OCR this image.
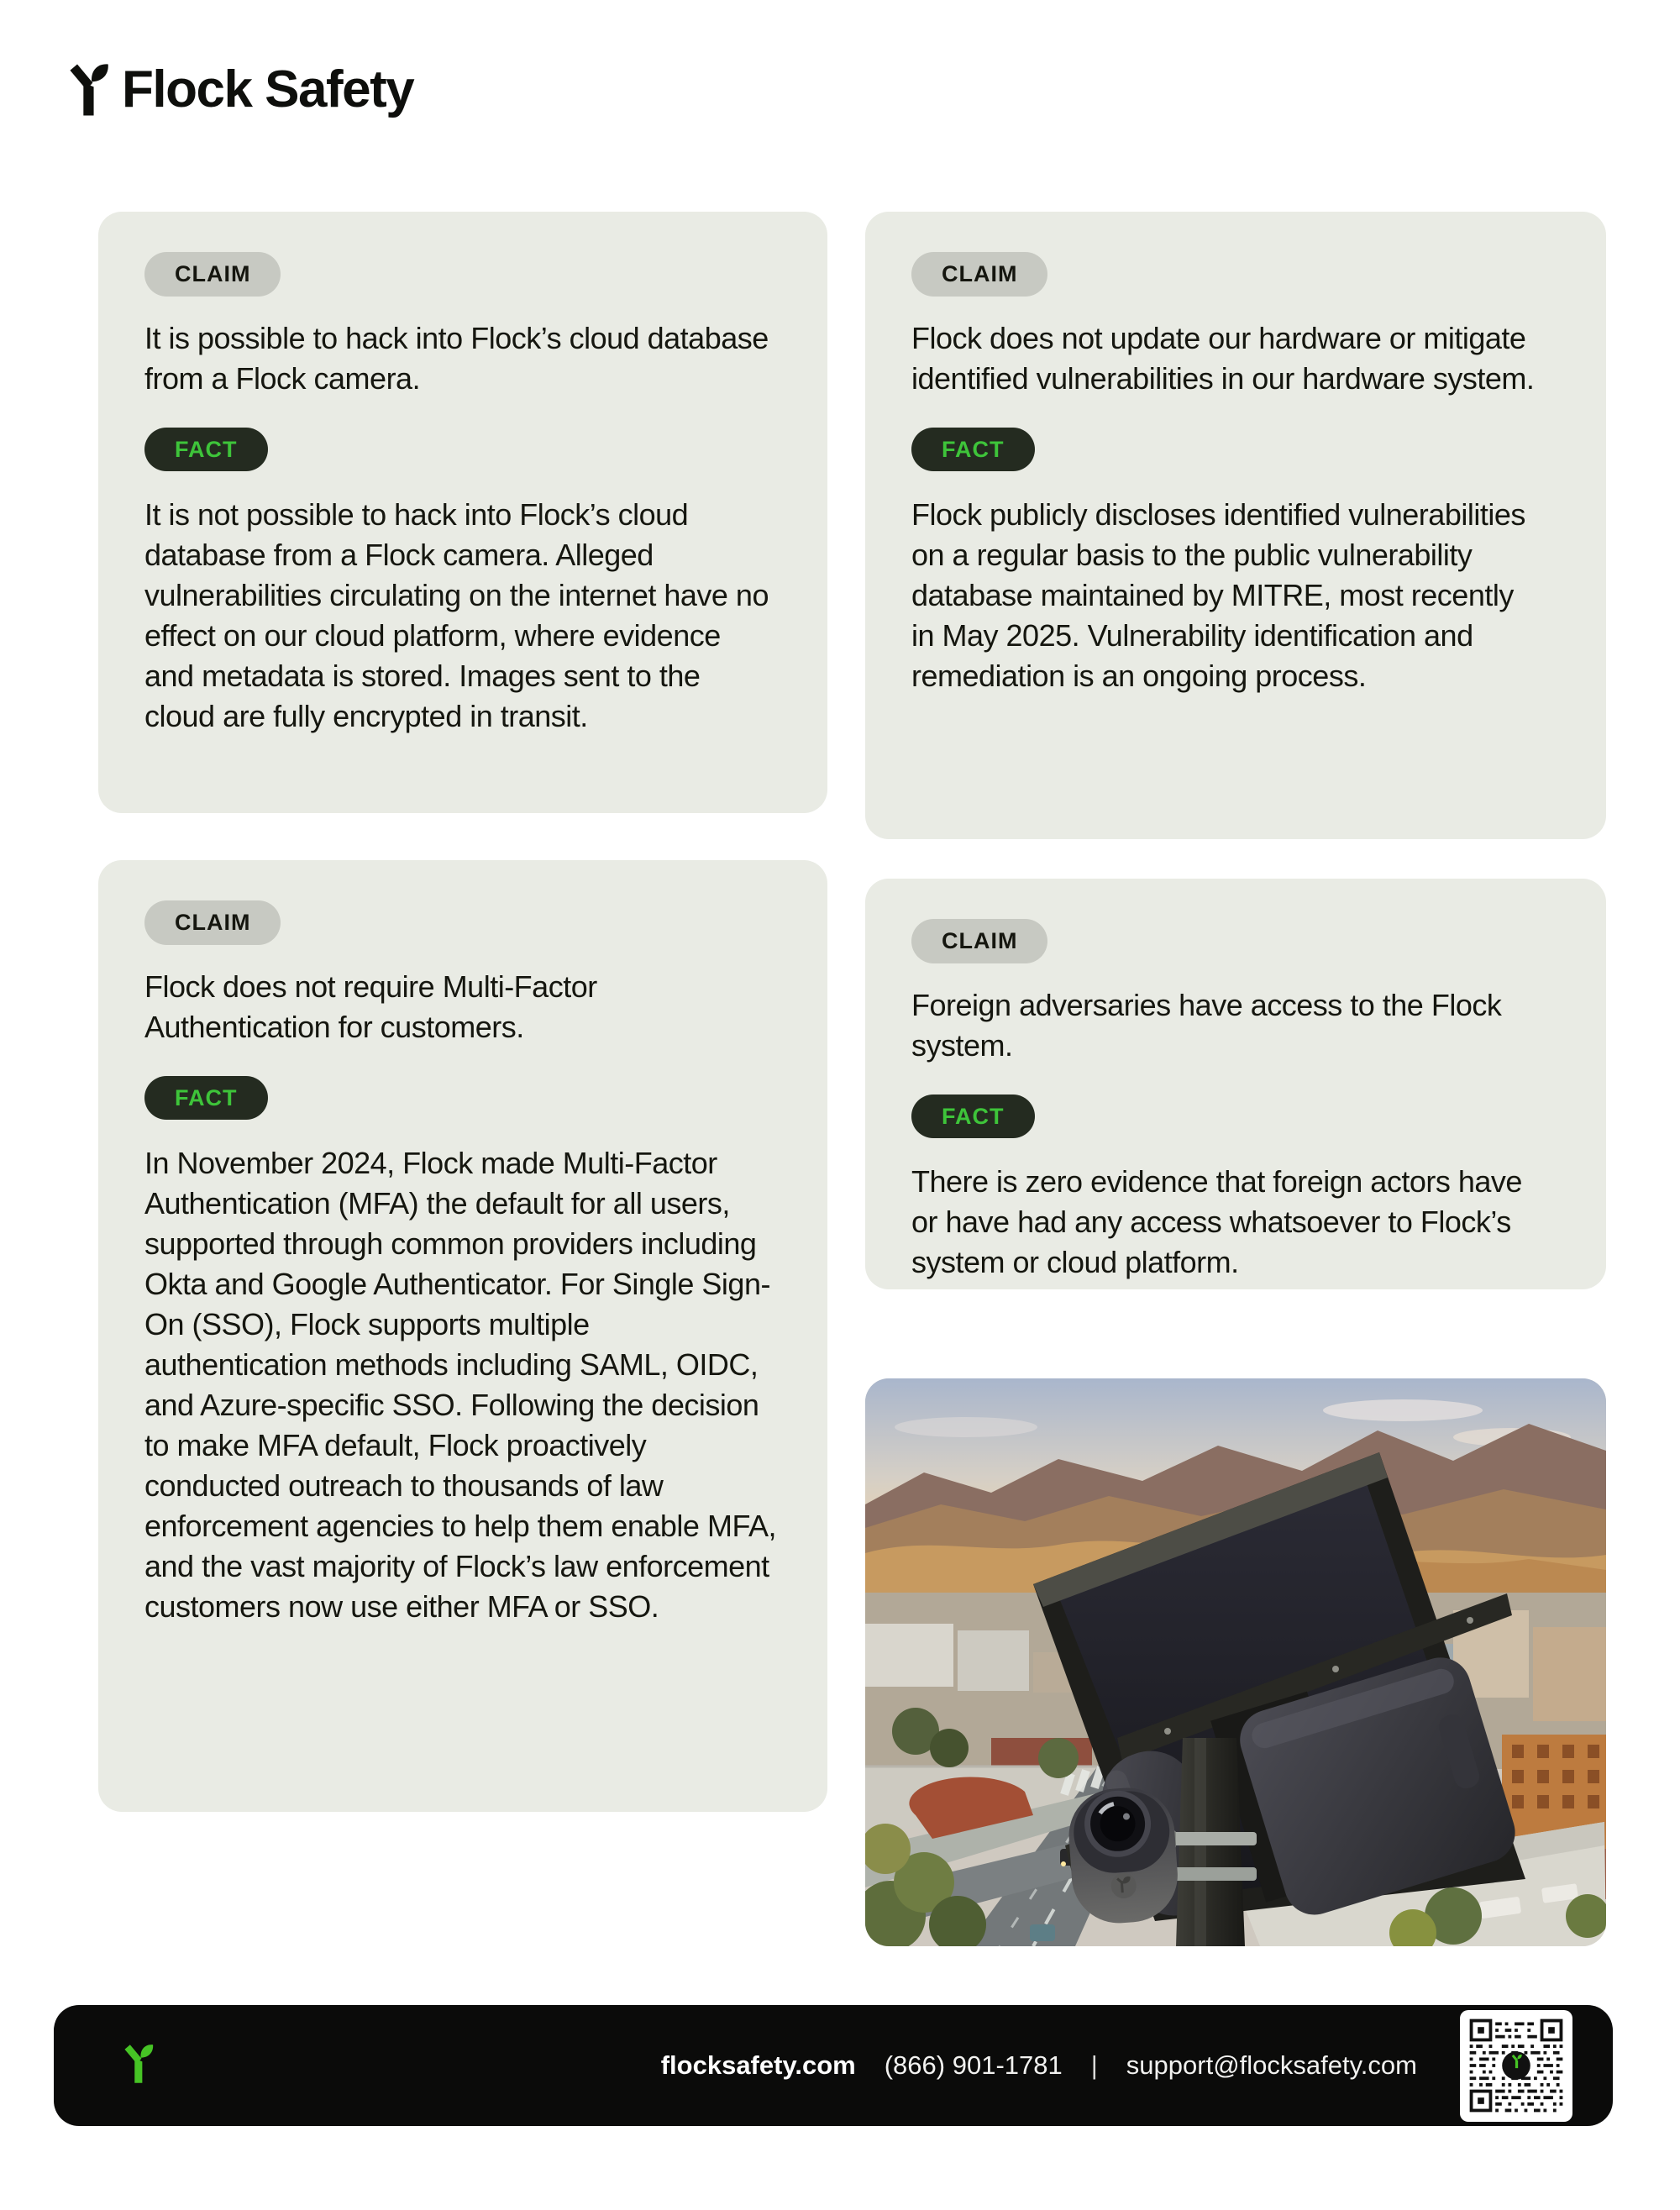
Flock Safety
CLAIM

It is possible to hack into Flock’s cloud database from a Flock camera.

FACT

It is not possible to hack into Flock’s cloud database from a Flock camera. Alleged vulnerabilities circulating on the internet have no effect on our cloud platform, where evidence and metadata is stored. Images sent to the cloud are fully encrypted in transit.

CLAIM

Flock does not require Multi-Factor Authentication for customers.

FACT

In November 2024, Flock made Multi-Factor Authentication (MFA) the default for all users, supported through common providers including Okta and Google Authenticator. For Single Sign-On (SSO), Flock supports multiple authentication methods including SAML, OIDC, and Azure-specific SSO. Following the decision to make MFA default, Flock proactively conducted outreach to thousands of law enforcement agencies to help them enable MFA, and the vast majority of Flock’s law enforcement customers now use either MFA or SSO.

CLAIM

Flock does not update our hardware or mitigate identified vulnerabilities in our hardware system.

FACT

Flock publicly discloses identified vulnerabilities on a regular basis to the public vulnerability database maintained by MITRE, most recently in May 2025. Vulnerability identification and remediation is an ongoing process.

CLAIM

Foreign adversaries have access to the Flock system.

FACT

There is zero evidence that foreign actors have or have had any access whatsoever to Flock’s system or cloud platform.

flocksafety.com (866) 901-1781 | support@flocksafety.com
